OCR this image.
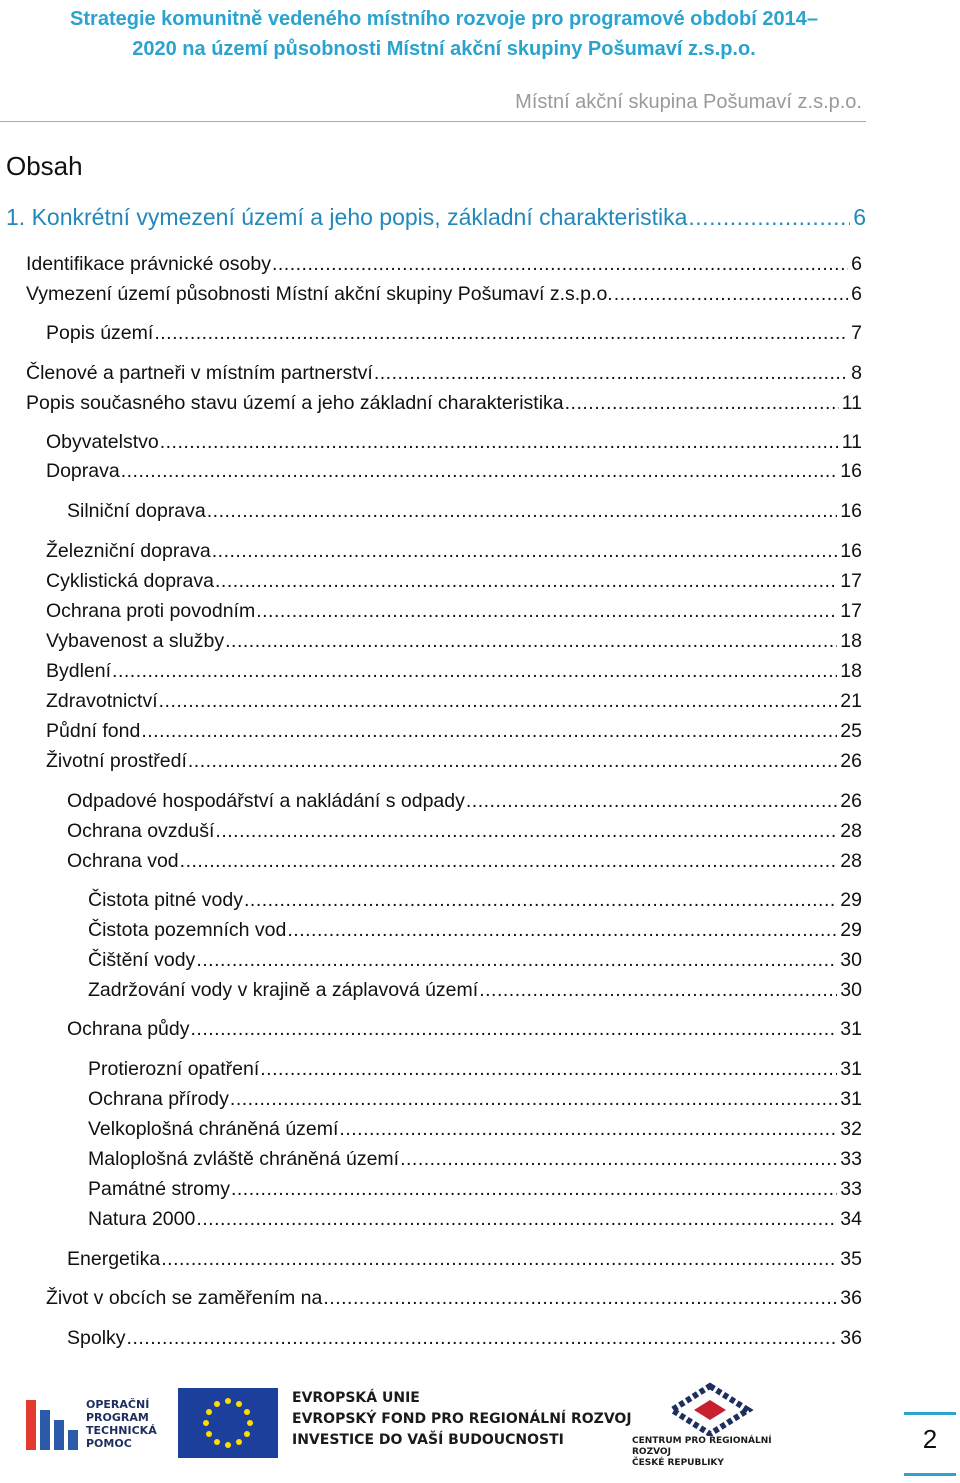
Strategie komunitně vedeného místního rozvoje pro programové období 2014–
2020 na území působnosti Místní akční skupiny Pošumaví z.s.p.o.
Místní akční skupina Pošumaví z.s.p.o.
Obsah
1. Konkrétní vymezení území a jeho popis, základní charakteristika .....	6
Identifikace právnické osoby .....	6
Vymezení území působnosti Místní akční skupiny Pošumaví z.s.p.o. .....	6
Popis území .....	7
Členové a partneři v místním partnerství .....	8
Popis současného stavu území a jeho základní charakteristika .....	11
Obyvatelstvo .....	11
Doprava .....	16
Silniční doprava .....	16
Železniční doprava .....	16
Cyklistická doprava .....	17
Ochrana proti povodním .....	17
Vybavenost a služby .....	18
Bydlení .....	18
Zdravotnictví .....	21
Půdní fond .....	25
Životní prostředí .....	26
Odpadové hospodářství a nakládání s odpady .....	26
Ochrana ovzduší .....	28
Ochrana vod .....	28
Čistota pitné vody .....	29
Čistota pozemních vod .....	29
Čištění vody .....	30
Zadržování vody v krajině a záplavová území .....	30
Ochrana půdy .....	31
Protierozní opatření .....	31
Ochrana přírody .....	31
Velkoplošná chráněná území .....	32
Maloplošná zvláště chráněná území .....	33
Památné stromy .....	33
Natura 2000 .....	34
Energetika .....	35
Život v obcích se zaměřením na .....	36
Spolky .....	36
OPERAČNÍ
PROGRAM
TECHNICKÁ
POMOC
EVROPSKÁ UNIE
EVROPSKÝ FOND PRO REGIONÁLNÍ ROZVOJ
INVESTICE DO VAŠÍ BUDOUCNOSTI	CENTRUM PRO REGIONÁLNÍ ROZVOJ
ČESKÉ REPUBLIKY
2
